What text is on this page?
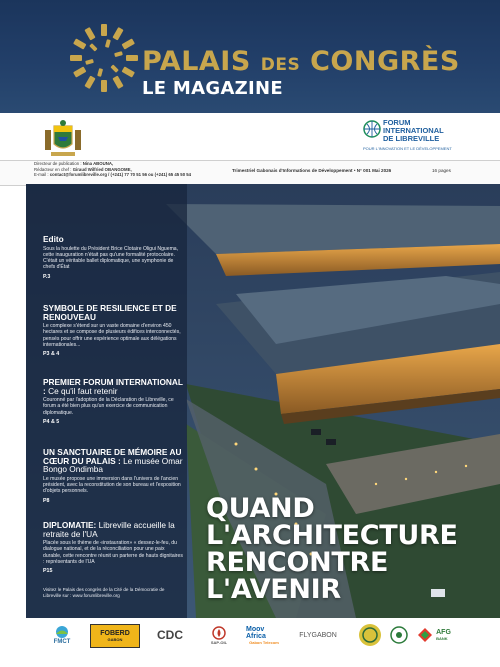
PALAIS DES CONGRÈS
LE MAGAZINE
FORUM
INTERNATIONAL
DE LIBREVILLE
POUR L'INNOVATION ET LE DÉVELOPPEMENT
Directeur de publication : Nina ABOUNA,
Rédacteur en chef : Giraud Wilfried OBANGOME,
E-mail : contact@forumlibreville.org / (+241) 77 70 51 56 ou (+241) 65 45 50 54
Trimestriel Gabonais d'Informations de Développement • N° 001 Mai 2026	16 pages
Edito
Sous la houlette du Président Brice Clotaire Oligui Nguema, cette inauguration n'était pas qu'une formalité protocolaire. C'était un véritable ballet diplomatique, une symphonie de chefs d'État
P.3
SYMBOLE DE RESILIENCE ET DE RENOUVEAU
Le complexe s'étend sur un vaste domaine d'environ 450 hectares et se compose de plusieurs édifices interconnectés, pensés pour offrir une expérience optimale aux délégations internationales...
P3 & 4
PREMIER FORUM INTERNATIONAL : Ce qu'il faut retenir
Couronné par l'adoption de la Déclaration de Libreville, ce forum a été bien plus qu'un exercice de communication diplomatique.
P4 & 5
UN SANCTUAIRE DE MÉMOIRE AU CŒUR DU PALAIS : Le musée Omar Bongo Ondimba
Le musée propose une immersion dans l'univers de l'ancien président, avec la reconstitution de son bureau et l'exposition d'objets personnels.
P8
DIPLOMATIE: Libreville accueille la retraite de l'UA
Placée sous le thème de «instauration» « dessez-le-feu, du dialogue national, et de la réconciliation pour une paix durable, cette rencontre réunit un parterre de hauts dignitaires : représentants de l'UA
P15
Visitez le Palais des congrès de la Cité de la Démocratie de Libreville sur : www.forumlibreville.org
QUAND
L'ARCHITECTURE
RENCONTRE
L'AVENIR
FMCT
FOBERD
GABON	CDC	SAP-OIL
Moov Africa
Gabon Telecom
FLYGABON	AFG
BANK
